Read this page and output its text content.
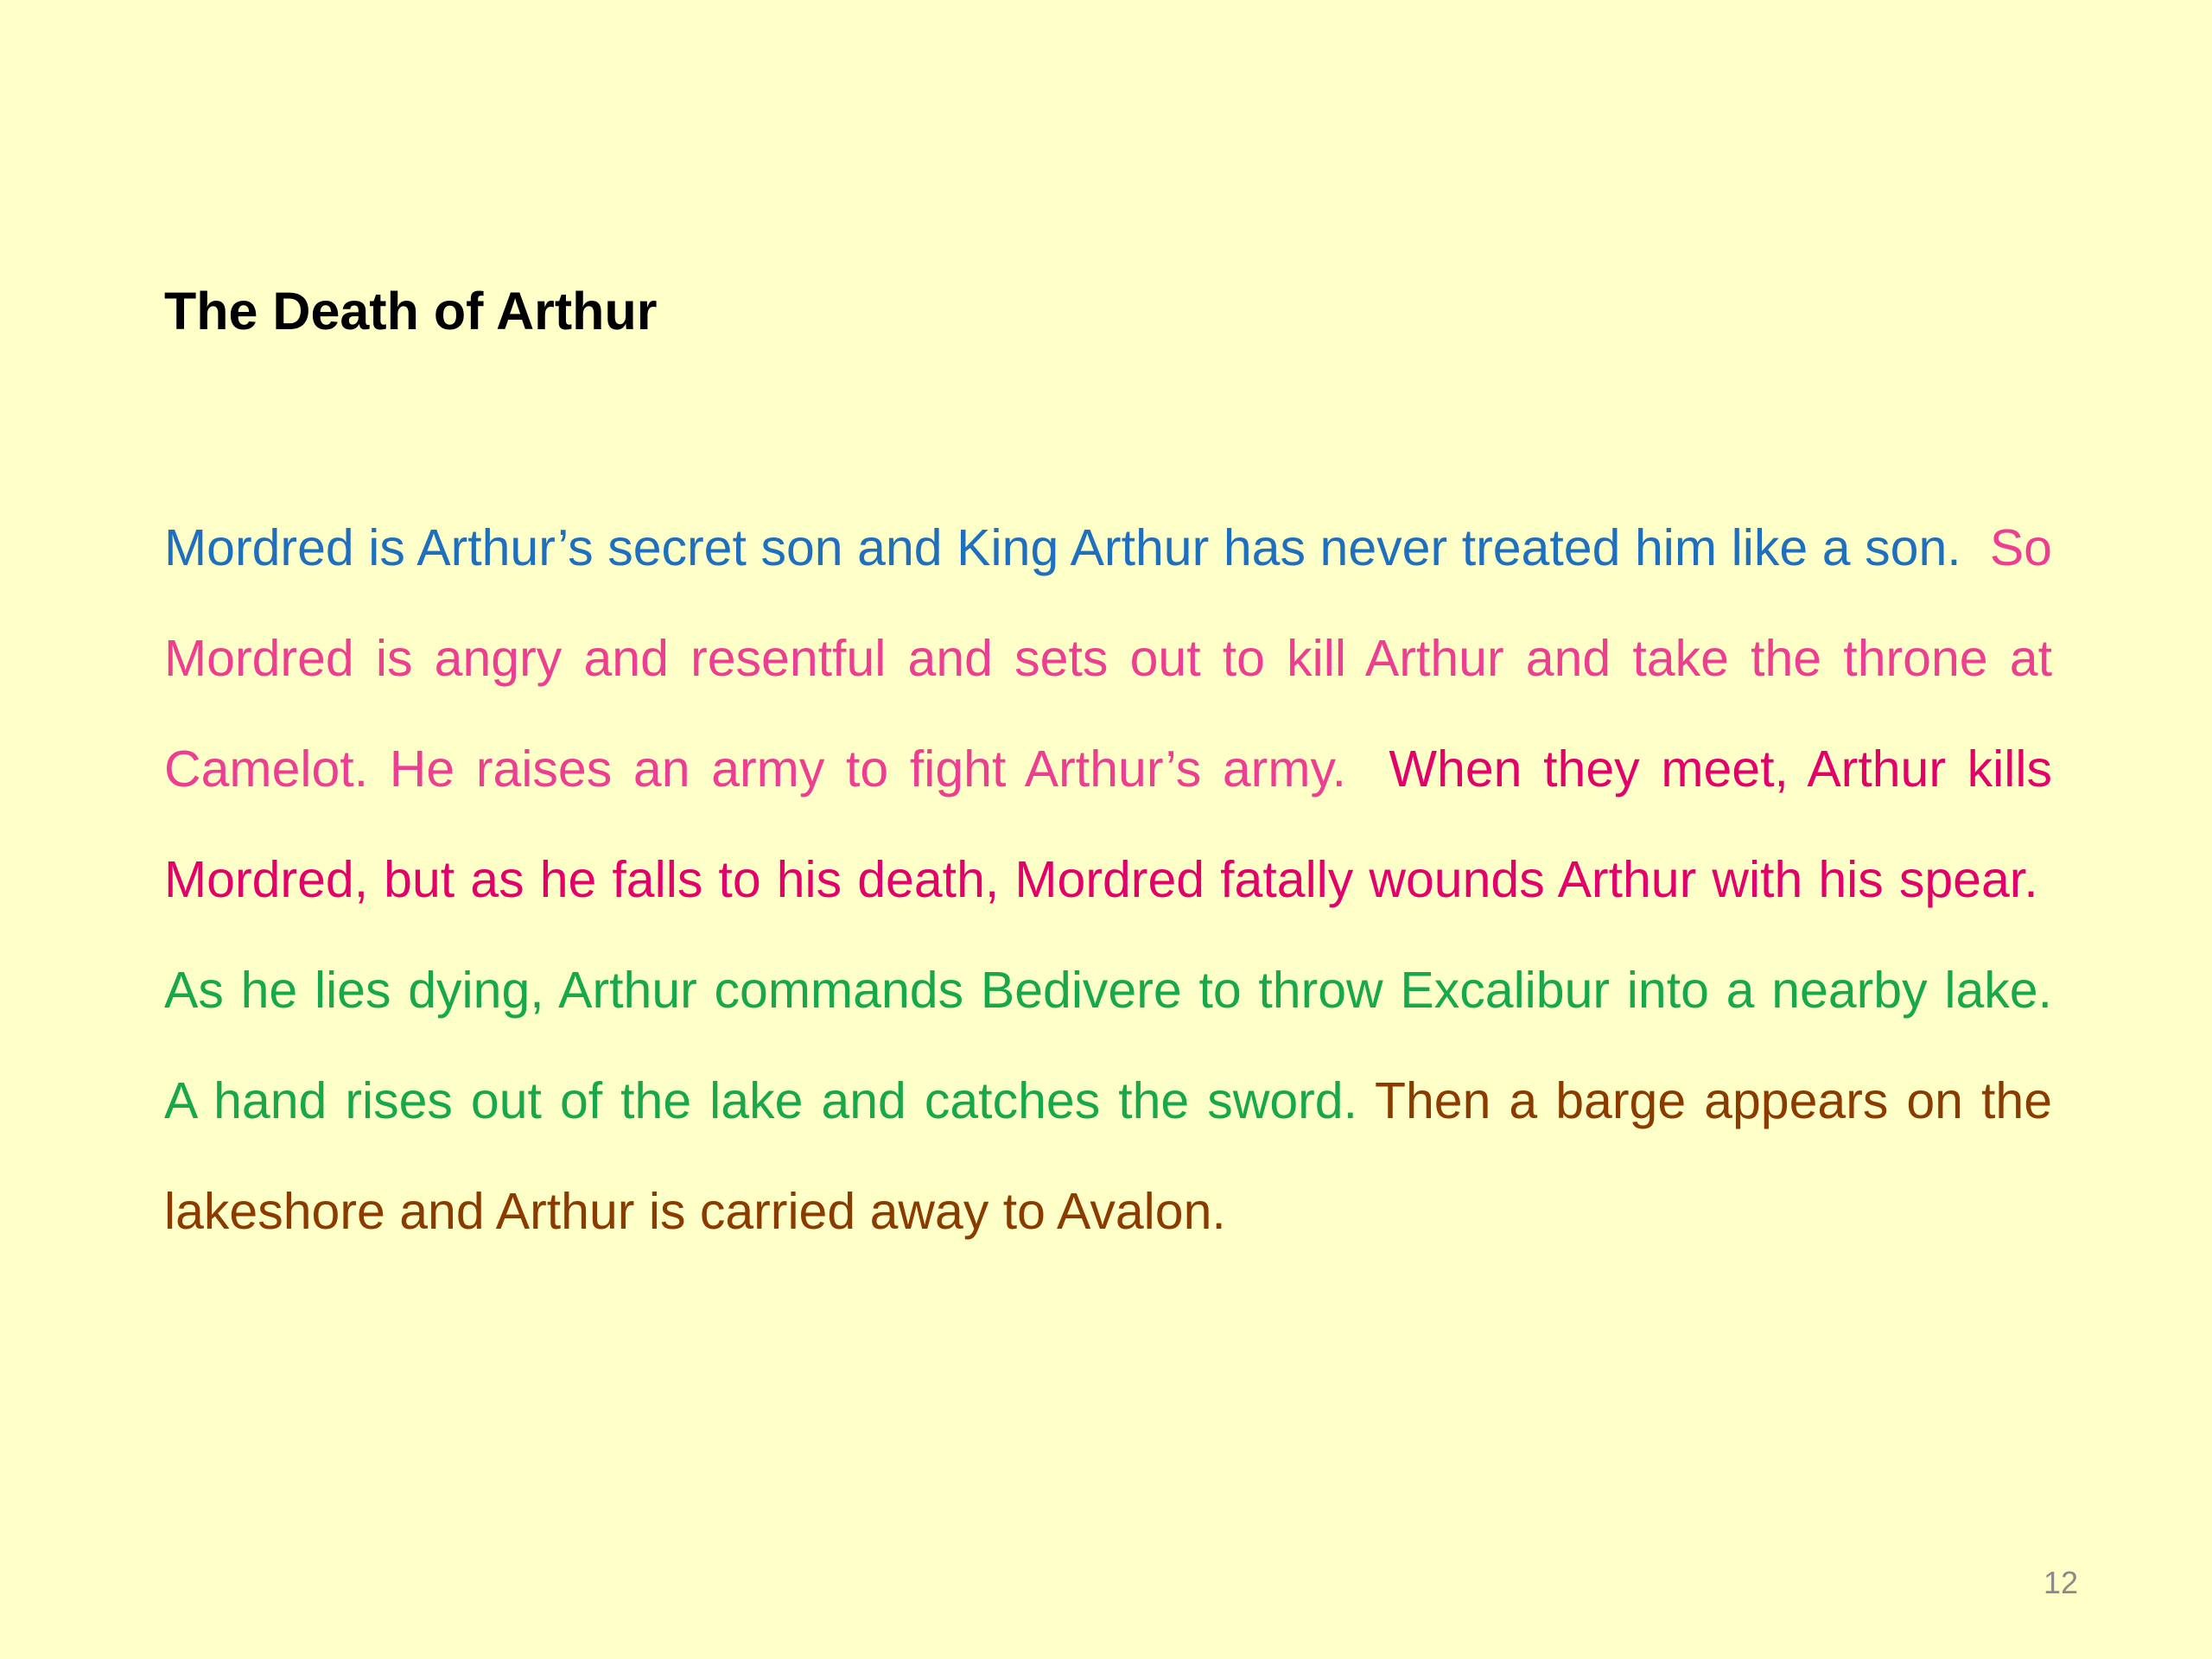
The Death of Arthur

Mordred is Arthur’s secret son and King Arthur has never treated him like a son. So Mordred is angry and resentful and sets out to kill Arthur and take the throne at Camelot. He raises an army to fight Arthur’s army. When they meet, Arthur kills Mordred, but as he falls to his death, Mordred fatally wounds Arthur with his spear.  As he lies dying, Arthur commands Bedivere to throw Excalibur into a nearby lake. A hand rises out of the lake and catches the sword. Then a barge appears on the lakeshore and Arthur is carried away to Avalon.

12
